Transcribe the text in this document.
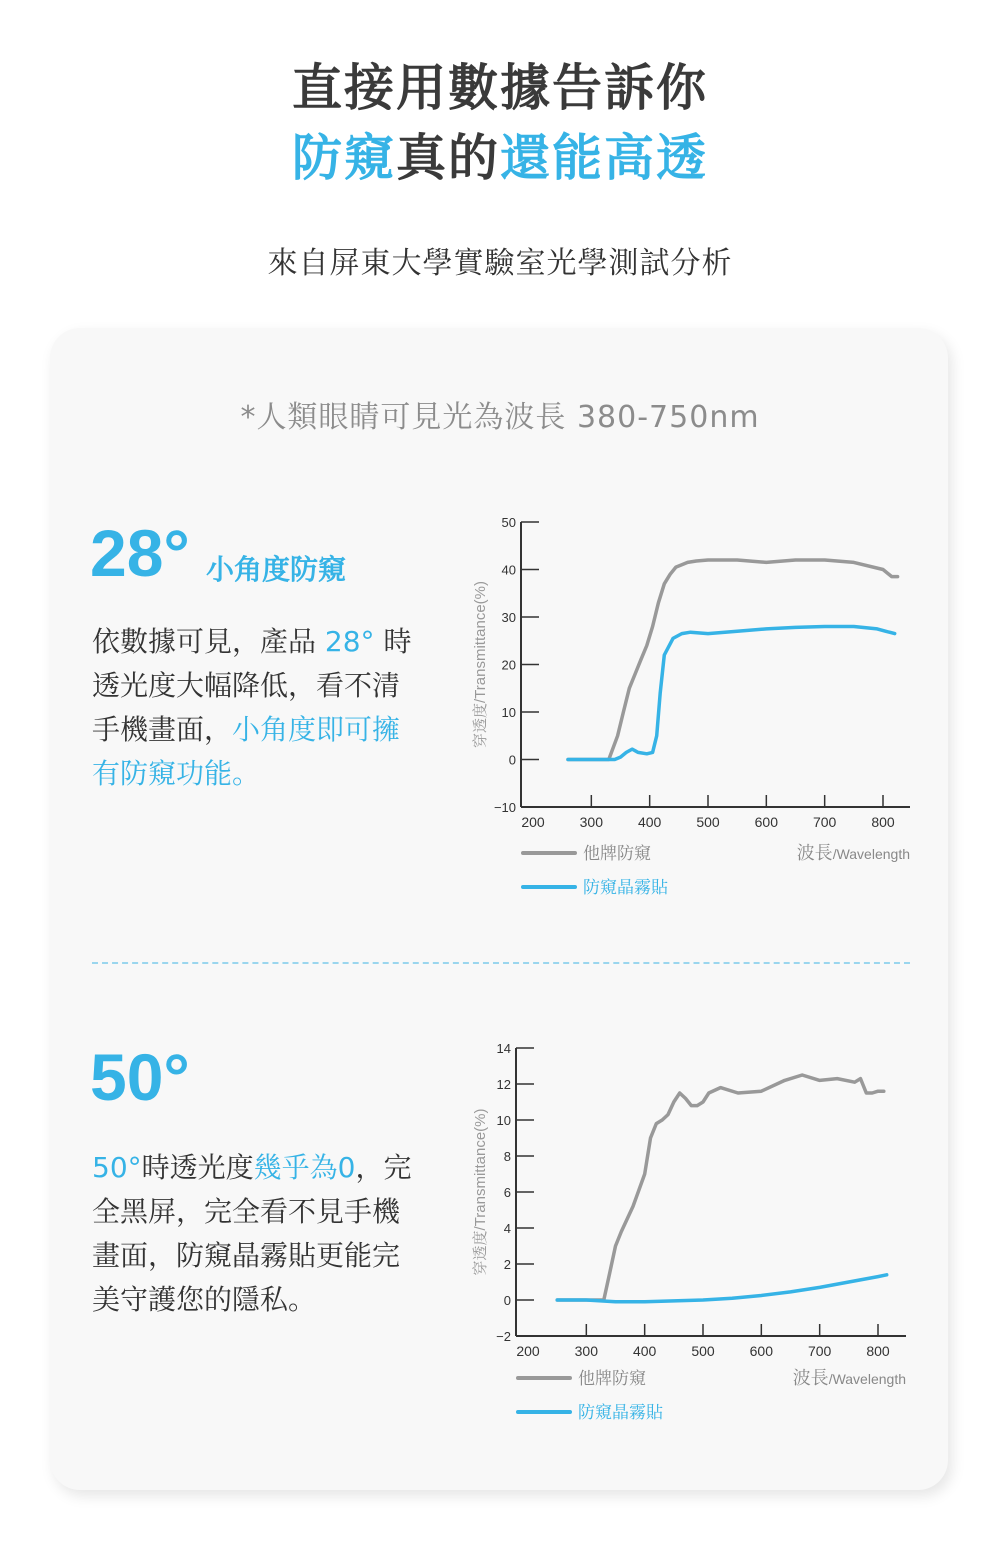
直接用數據告訴你
防窺真的還能高透
來自屏東大學實驗室光學測試分析
*人類眼睛可見光為波長 380-750nm
28° 小角度防窺
依數據可見，產品 28° 時透光度大幅降低，看不清手機畫面，小角度即可擁有防窺功能。
−10
0
10
20
30
40
50
200 300 400 500 600 700 800
穿透度/Transmittance(%)
他牌防窺
防窺晶霧貼
波長/Wavelength
50°
50°時透光度幾乎為0，完全黑屏，完全看不見手機畫面，防窺晶霧貼更能完美守護您的隱私。
−2
0
2
4
6
8
10
12
14
200 300 400 500 600 700 800
穿透度/Transmittance(%)
他牌防窺
防窺晶霧貼
波長/Wavelength
